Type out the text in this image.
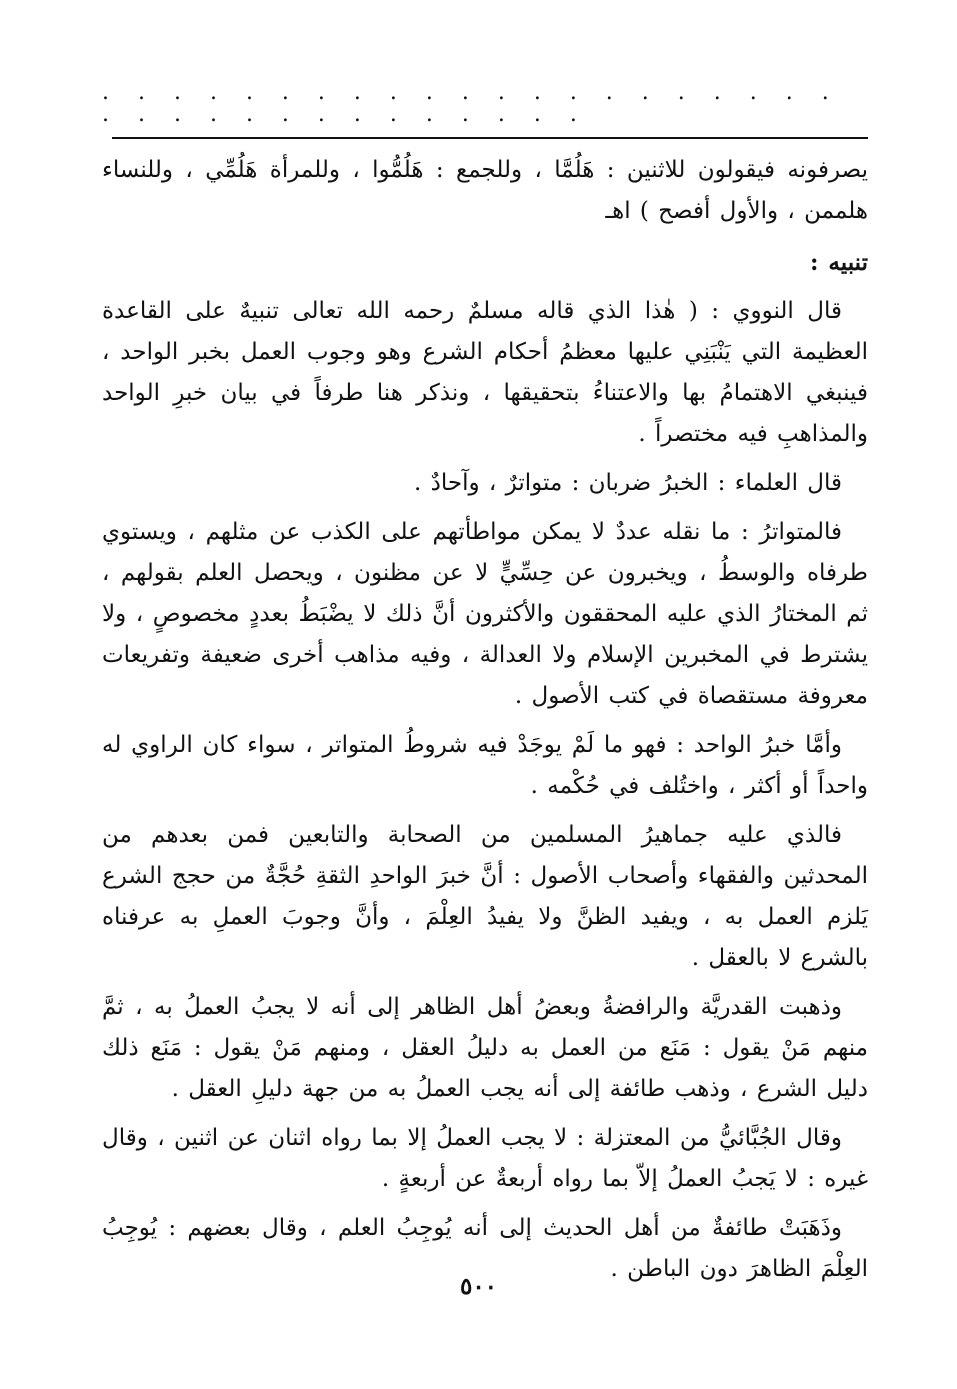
. . . . . . . . . . . . . . . . . . . . . . . . . . . . . . . . . . .

يصرفونه فيقولون للاثنين : هَلُمَّا ، وللجمع : هَلُمُّوا ، وللمرأة هَلُمِّي ، وللنساء هلممن ، والأول أفصح ) اهـ

تنبيه :

قال النووي : ( هٰذا الذي قاله مسلمٌ رحمه الله تعالى تنبيهٌ على القاعدة العظيمة التي يَنْبَنِي عليها معظمُ أحكام الشرع وهو وجوب العمل بخبر الواحد ، فينبغي الاهتمامُ بها والاعتناءُ بتحقيقها ، ونذكر هنا طرفاً في بيان خبرِ الواحد والمذاهبِ فيه مختصراً .

قال العلماء : الخبرُ ضربان : متواترٌ ، وآحادٌ .

فالمتواترُ : ما نقله عددٌ لا يمكن مواطأتهم على الكذب عن مثلهم ، ويستوي طرفاه والوسطُ ، ويخبرون عن حِسِّيٍّ لا عن مظنون ، ويحصل العلم بقولهم ، ثم المختارُ الذي عليه المحققون والأكثرون أنَّ ذلك لا يضْبَطُ بعددٍ مخصوصٍ ، ولا يشترط في المخبرين الإسلام ولا العدالة ، وفيه مذاهب أخرى ضعيفة وتفريعات معروفة مستقصاة في كتب الأصول .

وأمَّا خبرُ الواحد : فهو ما لَمْ يوجَدْ فيه شروطُ المتواتر ، سواء كان الراوي له واحداً أو أكثر ، واختُلف في حُكْمه .

فالذي عليه جماهيرُ المسلمين من الصحابة والتابعين فمن بعدهم من المحدثين والفقهاء وأصحاب الأصول : أنَّ خبرَ الواحدِ الثقةِ حُجَّةٌ من حجج الشرع يَلزم العمل به ، ويفيد الظنَّ ولا يفيدُ العِلْمَ ، وأنَّ وجوبَ العملِ به عرفناه بالشرع لا بالعقل .

وذهبت القدريَّة والرافضةُ وبعضُ أهل الظاهر إلى أنه لا يجبُ العملُ به ، ثمَّ منهم مَنْ يقول : مَنَع من العمل به دليلُ العقل ، ومنهم مَنْ يقول : مَنَع ذلك دليل الشرع ، وذهب طائفة إلى أنه يجب العملُ به من جهة دليلِ العقل .

وقال الجُبَّائيُّ من المعتزلة : لا يجب العملُ إلا بما رواه اثنان عن اثنين ، وقال غيره : لا يَجبُ العملُ إلاّ بما رواه أربعةٌ عن أربعةٍ .

وذَهَبَتْ طائفةٌ من أهل الحديث إلى أنه يُوجِبُ العلم ، وقال بعضهم : يُوجِبُ العِلْمَ الظاهرَ دون الباطن .

٥٠٠
